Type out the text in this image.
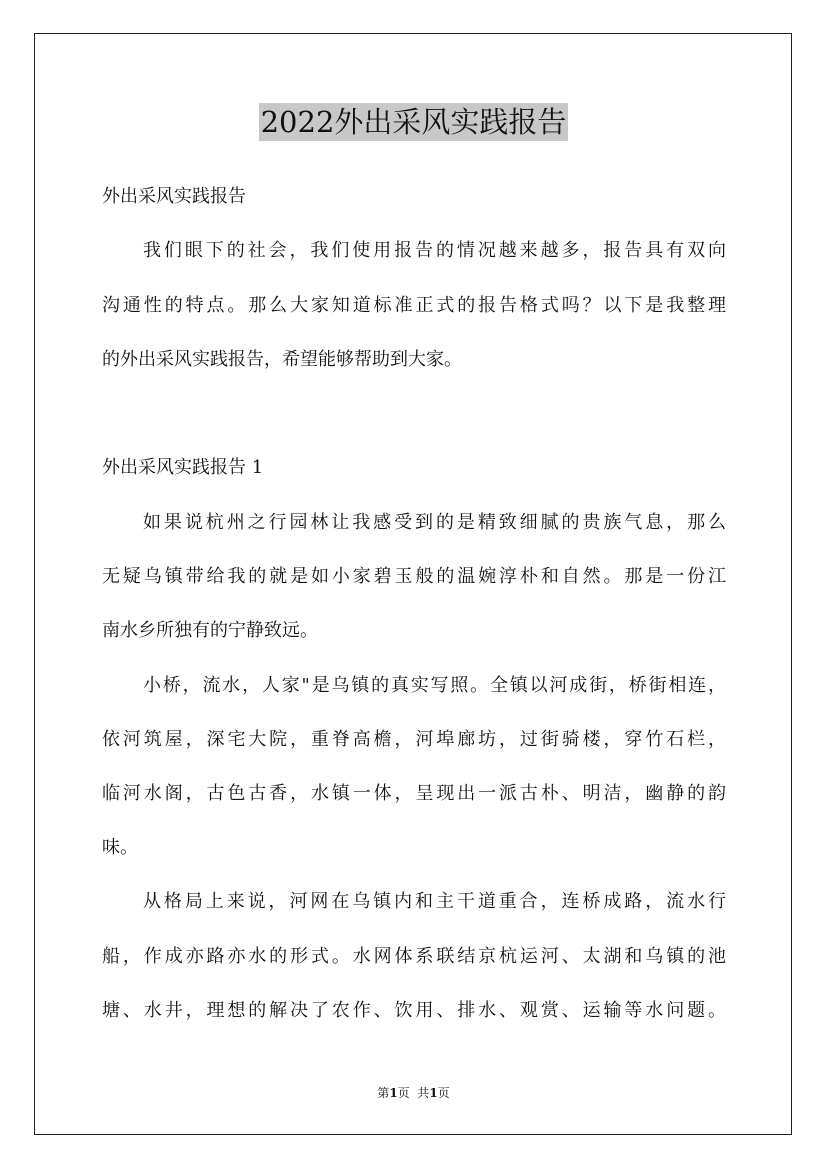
2022外出采风实践报告
外出采风实践报告
我们眼下的社会，我们使用报告的情况越来越多，报告具有双向
沟通性的特点。那么大家知道标准正式的报告格式吗？以下是我整理
的外出采风实践报告，希望能够帮助到大家。
外出采风实践报告 1
如果说杭州之行园林让我感受到的是精致细腻的贵族气息，那么
无疑乌镇带给我的就是如小家碧玉般的温婉淳朴和自然。那是一份江
南水乡所独有的宁静致远。
小桥，流水，人家"是乌镇的真实写照。全镇以河成街，桥街相连，
依河筑屋，深宅大院，重脊高檐，河埠廊坊，过街骑楼，穿竹石栏，
临河水阁，古色古香，水镇一体，呈现出一派古朴、明洁，幽静的韵
味。
从格局上来说，河网在乌镇内和主干道重合，连桥成路，流水行
船，作成亦路亦水的形式。水网体系联结京杭运河、太湖和乌镇的池
塘、水井，理想的解决了农作、饮用、排水、观赏、运输等水问题。
第1页  共1页
